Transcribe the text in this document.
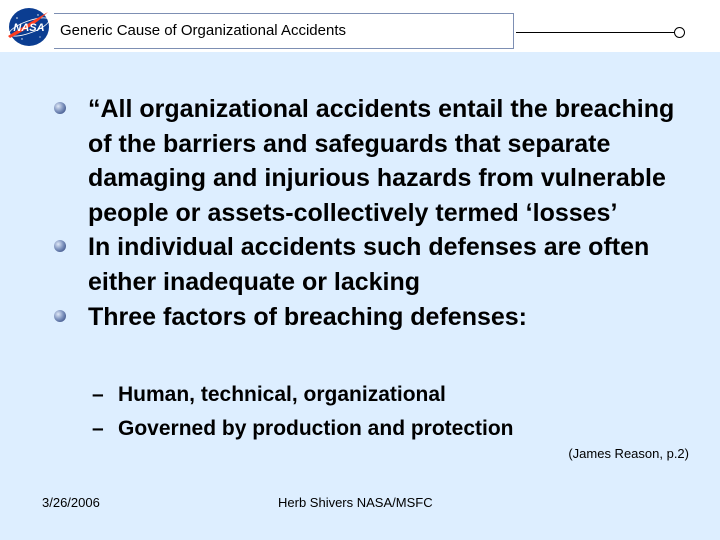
NASA Generic Cause of Organizational Accidents
“All organizational accidents entail the breaching of the barriers and safeguards that separate damaging and injurious hazards from vulnerable people or assets-collectively termed ‘losses’
In individual accidents such defenses are often either inadequate or lacking
Three factors of breaching defenses:
– Human, technical, organizational
– Governed by production and protection
(James Reason, p.2)
3/26/2006	Herb Shivers NASA/MSFC
